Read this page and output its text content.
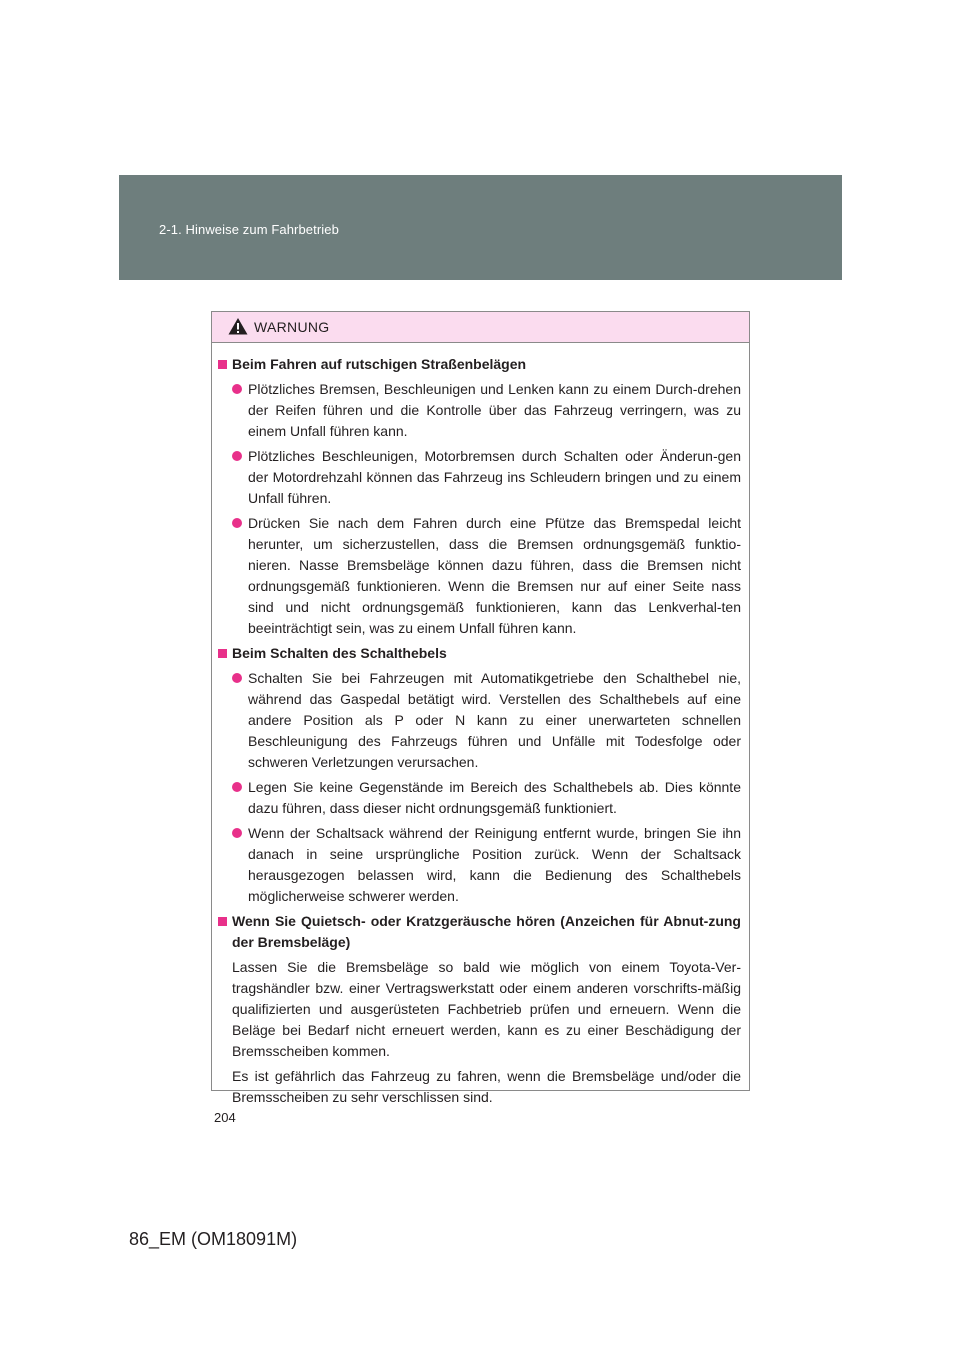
2-1. Hinweise zum Fahrbetrieb
WARNUNG
Beim Fahren auf rutschigen Straßenbelägen
Plötzliches Bremsen, Beschleunigen und Lenken kann zu einem Durch-drehen der Reifen führen und die Kontrolle über das Fahrzeug verringern, was zu einem Unfall führen kann.
Plötzliches Beschleunigen, Motorbremsen durch Schalten oder Änderun-gen der Motordrehzahl können das Fahrzeug ins Schleudern bringen und zu einem Unfall führen.
Drücken Sie nach dem Fahren durch eine Pfütze das Bremspedal leicht herunter, um sicherzustellen, dass die Bremsen ordnungsgemäß funktio-nieren. Nasse Bremsbeläge können dazu führen, dass die Bremsen nicht ordnungsgemäß funktionieren. Wenn die Bremsen nur auf einer Seite nass sind und nicht ordnungsgemäß funktionieren, kann das Lenkverhal-ten beeinträchtigt sein, was zu einem Unfall führen kann.
Beim Schalten des Schalthebels
Schalten Sie bei Fahrzeugen mit Automatikgetriebe den Schalthebel nie, während das Gaspedal betätigt wird. Verstellen des Schalthebels auf eine andere Position als P oder N kann zu einer unerwarteten schnellen Beschleunigung des Fahrzeugs führen und Unfälle mit Todesfolge oder schweren Verletzungen verursachen.
Legen Sie keine Gegenstände im Bereich des Schalthebels ab. Dies könnte dazu führen, dass dieser nicht ordnungsgemäß funktioniert.
Wenn der Schaltsack während der Reinigung entfernt wurde, bringen Sie ihn danach in seine ursprüngliche Position zurück. Wenn der Schaltsack herausgezogen belassen wird, kann die Bedienung des Schalthebels möglicherweise schwerer werden.
Wenn Sie Quietsch- oder Kratzgeräusche hören (Anzeichen für Abnut-zung der Bremsbeläge)
Lassen Sie die Bremsbeläge so bald wie möglich von einem Toyota-Ver-tragshändler bzw. einer Vertragswerkstatt oder einem anderen vorschrifts-mäßig qualifizierten und ausgerüsteten Fachbetrieb prüfen und erneuern. Wenn die Beläge bei Bedarf nicht erneuert werden, kann es zu einer Beschädigung der Bremsscheiben kommen.
Es ist gefährlich das Fahrzeug zu fahren, wenn die Bremsbeläge und/oder die Bremsscheiben zu sehr verschlissen sind.
204
86_EM (OM18091M)
